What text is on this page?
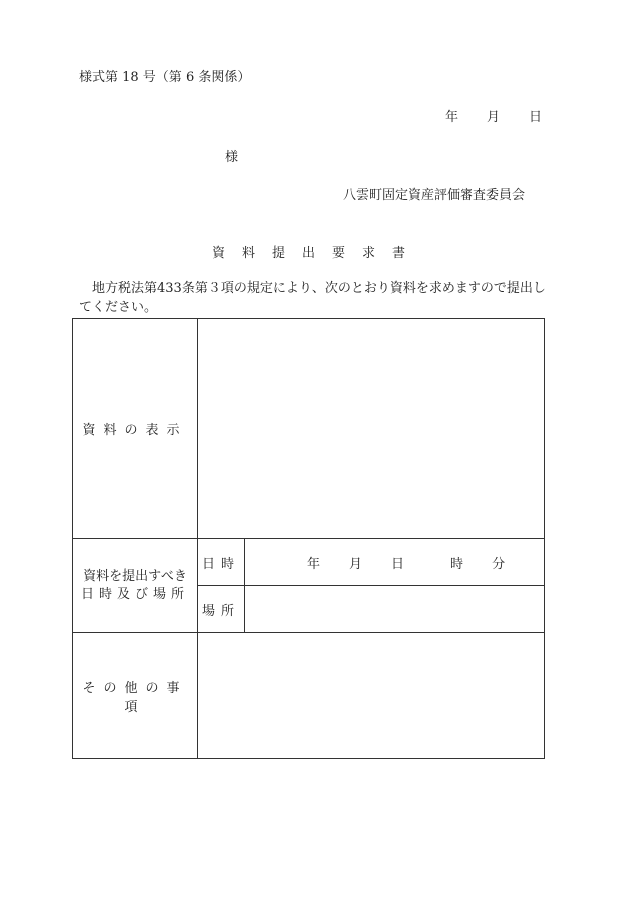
様式第 18 号（第 6 条関係）
年 月 日
様
八雲町固定資産評価審査委員会
資料提出要求書
地方税法第433条第３項の規定により、次のとおり資料を求めますので提出してください。
資料の表示		

資料を提出すべき
日時及び場所	日時	年 月 日 時 分

	場所	
その他の事項		
